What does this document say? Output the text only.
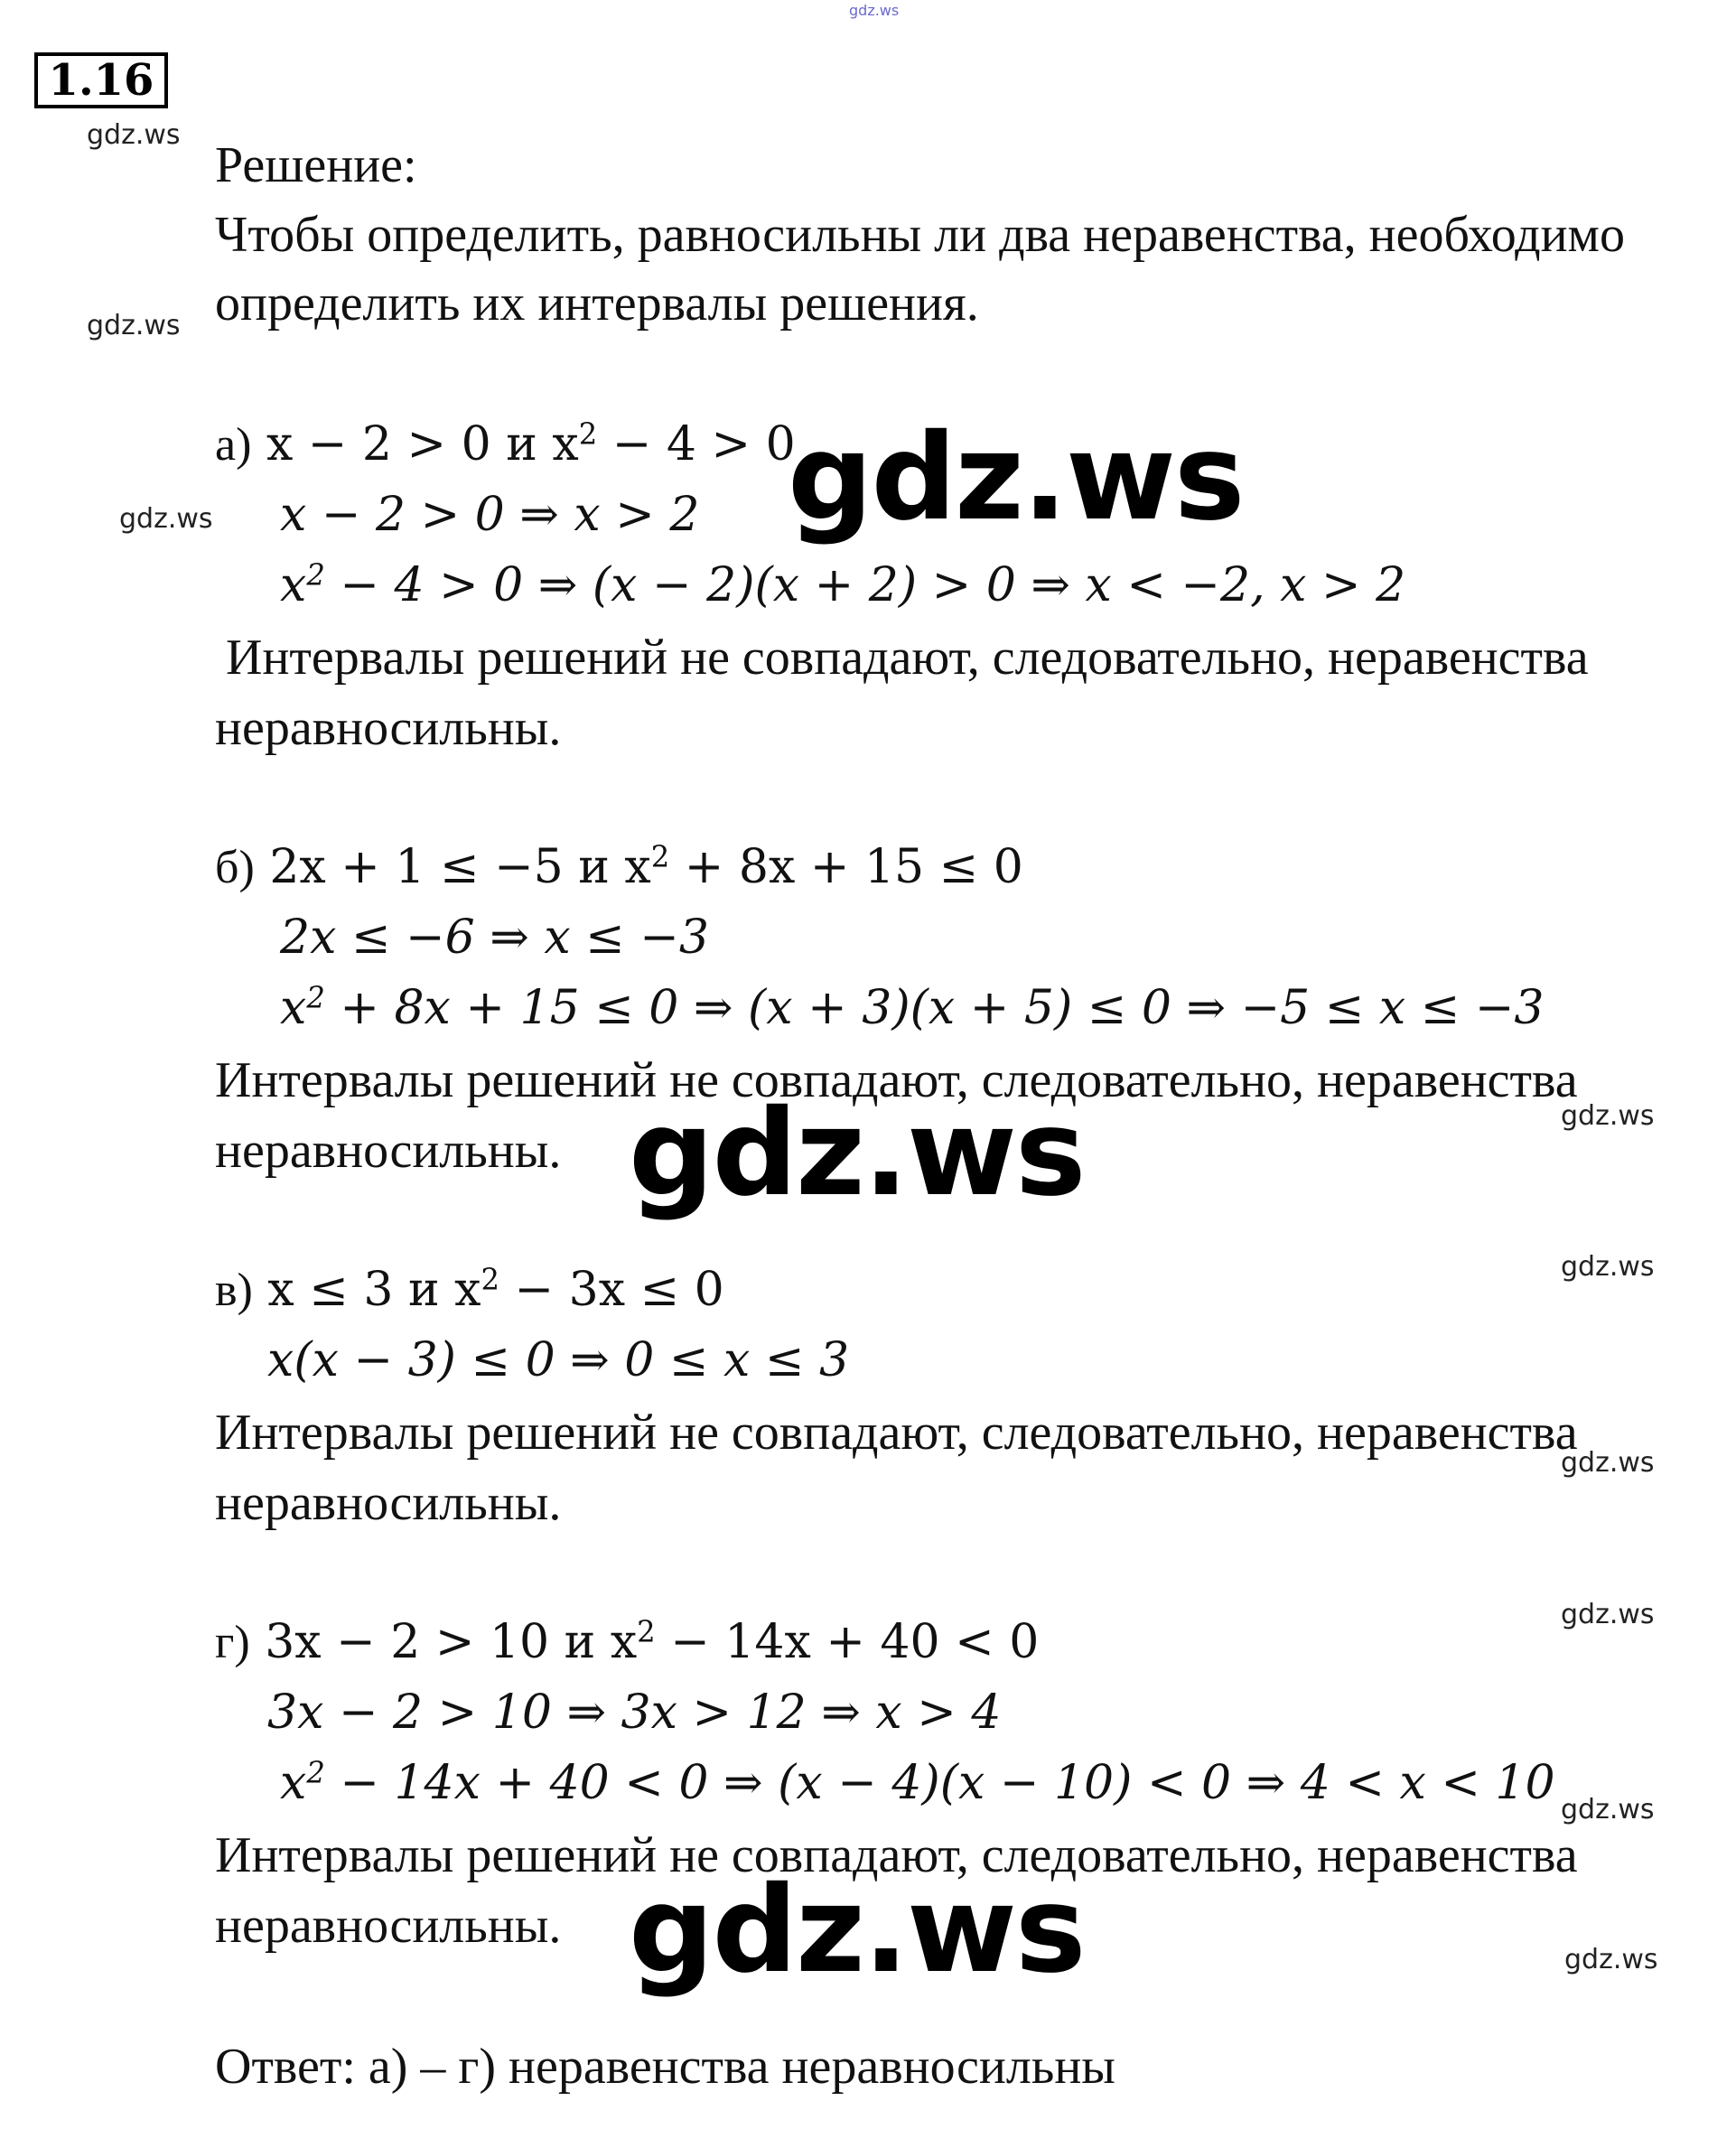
gdz.ws
1.16
gdz.ws
Решение:
Чтобы определить, равносильны ли два неравенства, необходимо
gdz.ws определить их интервалы решения.
а) x − 2 > 0 и $x^2 - 4 > 0$
gdz.ws
gdz.ws x − 2 > 0 ⇒ x > 2
$x^2 - 4 > 0$ ⇒ (x − 2)(x + 2) > 0 ⇒ x < −2, x > 2
Интервалы решений не совпадают, следовательно, неравенства
неравносильны.
б) 2x + 1 ≤ −5 и $x^2 + 8x + 15 \le 0$
2x ≤ −6 ⇒ x ≤ −3
$x^2 + 8x + 15 \le 0$ ⇒ (x + 3)(x + 5) ≤ 0 ⇒ −5 ≤ x ≤ −3
Интервалы решений не совпадают, следовательно, неравенства
gdz.ws
неравносильны. gdz.ws
gdz.ws
в) x ≤ 3 и $x^2 - 3x \le 0$
x(x − 3) ≤ 0 ⇒ 0 ≤ x ≤ 3
Интервалы решений не совпадают, следовательно, неравенства
gdz.ws
неравносильны.
gdz.ws
г) 3x − 2 > 10 и $x^2 - 14x + 40 < 0$
3x − 2 > 10 ⇒ 3x > 12 ⇒ x > 4
$x^2 - 14x + 40 < 0$ ⇒ (x − 4)(x − 10) < 0 ⇒ 4 < x < 10 gdz.ws
Интервалы решений не совпадают, следовательно, неравенства
неравносильны. gdz.ws	gdz.ws
Ответ: а) – г) неравенства неравносильны
